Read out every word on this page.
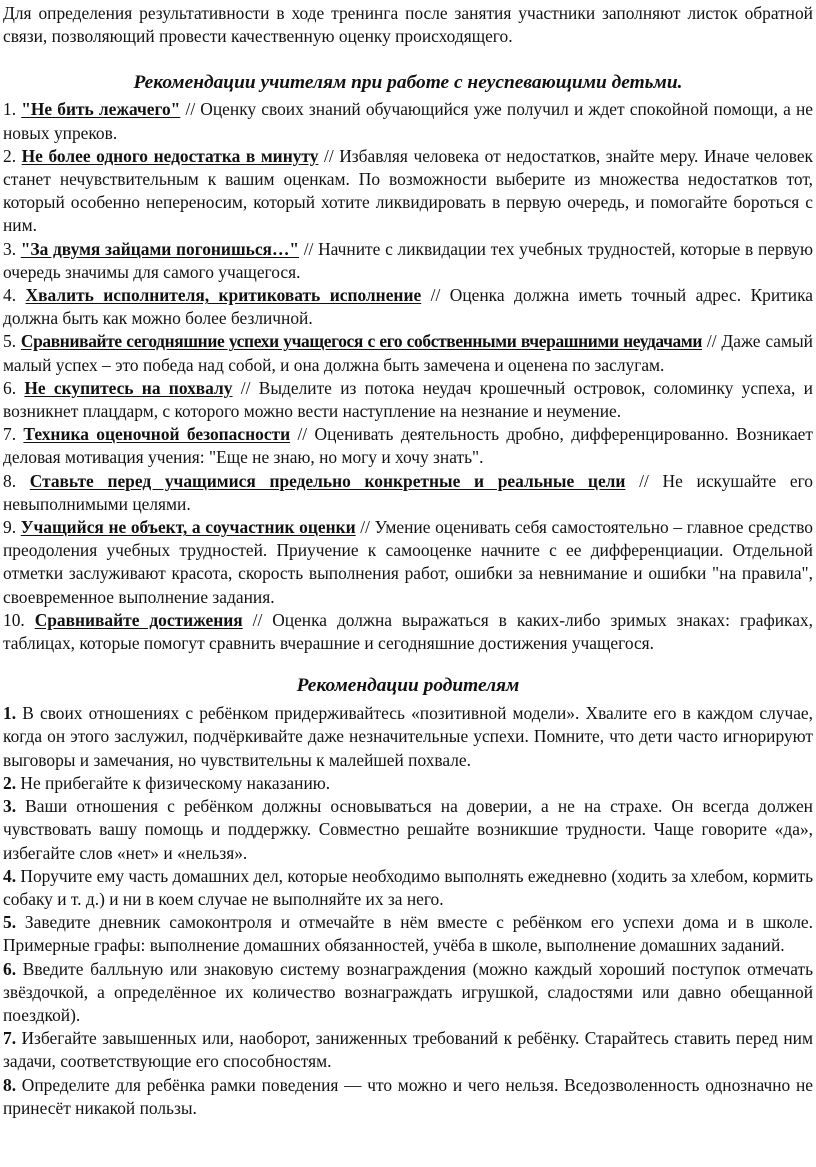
Для определения результативности в ходе тренинга после занятия участники заполняют листок обратной связи, позволяющий провести качественную оценку происходящего.

Рекомендации учителям при работе с неуспевающими детьми.

1. "Не бить лежачего" // Оценку своих знаний обучающийся уже получил и ждет спокойной помощи, а не новых упреков.

2. Не более одного недостатка в минуту // Избавляя человека от недостатков, знайте меру. Иначе человек станет нечувствительным к вашим оценкам. По возможности выберите из множества недостатков тот, который особенно непереносим, который хотите ликвидировать в первую очередь, и помогайте бороться с ним.

3. "За двумя зайцами погонишься…" // Начните с ликвидации тех учебных трудностей, которые в первую очередь значимы для самого учащегося.

4. Хвалить исполнителя, критиковать исполнение // Оценка должна иметь точный адрес. Критика должна быть как можно более безличной.

5. Сравнивайте сегодняшние успехи учащегося с его собственными вчерашними неудачами // Даже самый малый успех – это победа над собой, и она должна быть замечена и оценена по заслугам.

6. Не скупитесь на похвалу // Выделите из потока неудач крошечный островок, соломинку успеха, и возникнет плацдарм, с которого можно вести наступление на незнание и неумение.

7. Техника оценочной безопасности // Оценивать деятельность дробно, дифференцированно. Возникает деловая мотивация учения: "Еще не знаю, но могу и хочу знать".

8. Ставьте перед учащимися предельно конкретные и реальные цели // Не искушайте его невыполнимыми целями.

9. Учащийся не объект, а соучастник оценки // Умение оценивать себя самостоятельно – главное средство преодоления учебных трудностей. Приучение к самооценке начните с ее дифференциации. Отдельной отметки заслуживают красота, скорость выполнения работ, ошибки за невнимание и ошибки "на правила", своевременное выполнение задания.

10. Сравнивайте достижения // Оценка должна выражаться в каких-либо зримых знаках: графиках, таблицах, которые помогут сравнить вчерашние и сегодняшние достижения учащегося.

Рекомендации родителям

1. В своих отношениях с ребёнком придерживайтесь «позитивной модели». Хвалите его в каждом случае, когда он этого заслужил, подчёркивайте даже незначительные успехи. Помните, что дети часто игнорируют выговоры и замечания, но чувствительны к малейшей похвале.

2. Не прибегайте к физическому наказанию.

3. Ваши отношения с ребёнком должны основываться на доверии, а не на страхе. Он всегда должен чувствовать вашу помощь и поддержку. Совместно решайте возникшие трудности. Чаще говорите «да», избегайте слов «нет» и «нельзя».

4. Поручите ему часть домашних дел, которые необходимо выполнять ежедневно (ходить за хлебом, кормить собаку и т. д.) и ни в коем случае не выполняйте их за него.

5. Заведите дневник самоконтроля и отмечайте в нём вместе с ребёнком его успехи дома и в школе. Примерные графы: выполнение домашних обязанностей, учёба в школе, выполнение домашних заданий.

6. Введите балльную или знаковую систему вознаграждения (можно каждый хороший поступок отмечать звёздочкой, а определённое их количество вознаграждать игрушкой, сладостями или давно обещанной поездкой).

7. Избегайте завышенных или, наоборот, заниженных требований к ребёнку. Старайтесь ставить перед ним задачи, соответствующие его способностям.

8. Определите для ребёнка рамки поведения — что можно и чего нельзя. Вседозволенность однозначно не принесёт никакой пользы.
